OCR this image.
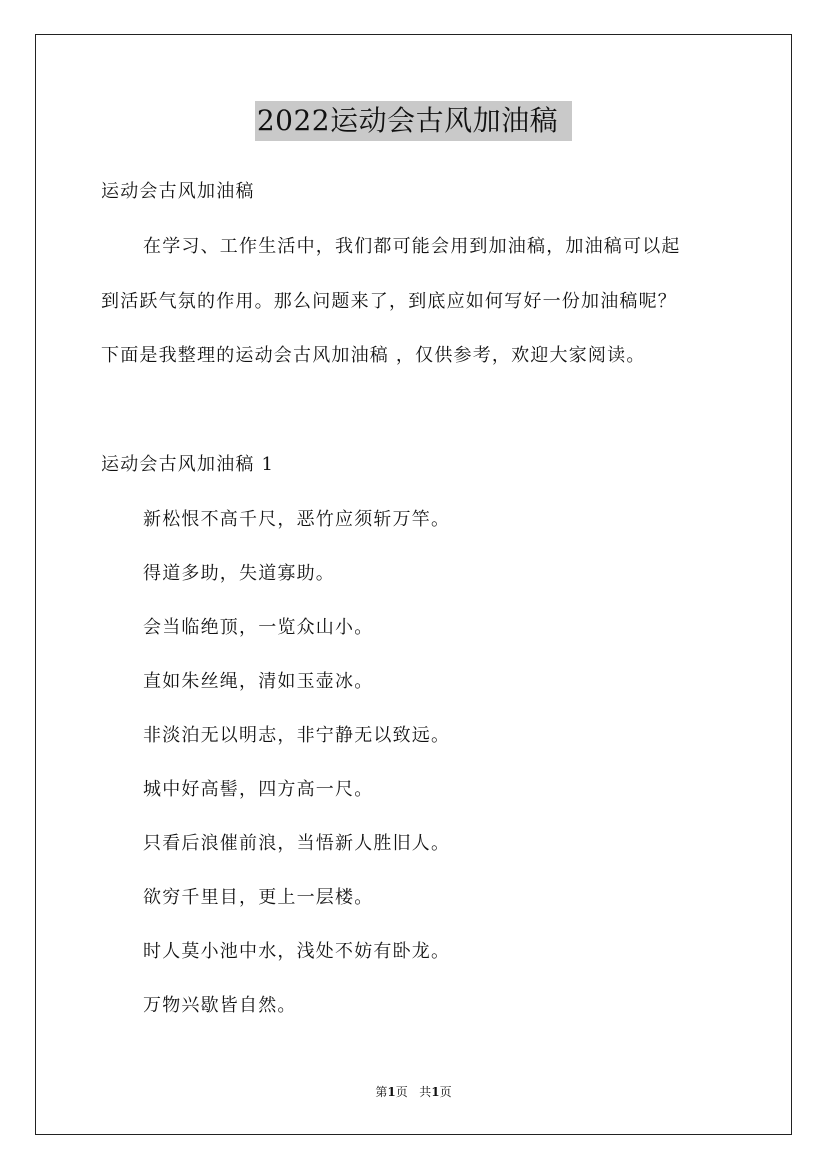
2022运动会古风加油稿
运动会古风加油稿
在学习、工作生活中，我们都可能会用到加油稿，加油稿可以起
到活跃气氛的作用。那么问题来了，到底应如何写好一份加油稿呢？
下面是我整理的运动会古风加油稿 ，仅供参考，欢迎大家阅读。
运动会古风加油稿 1
新松恨不高千尺，恶竹应须斩万竿。
得道多助，失道寡助。
会当临绝顶，一览众山小。
直如朱丝绳，清如玉壶冰。
非淡泊无以明志，非宁静无以致远。
城中好高髻，四方高一尺。
只看后浪催前浪，当悟新人胜旧人。
欲穷千里目，更上一层楼。
时人莫小池中水，浅处不妨有卧龙。
万物兴歇皆自然。
第1页 共1页
